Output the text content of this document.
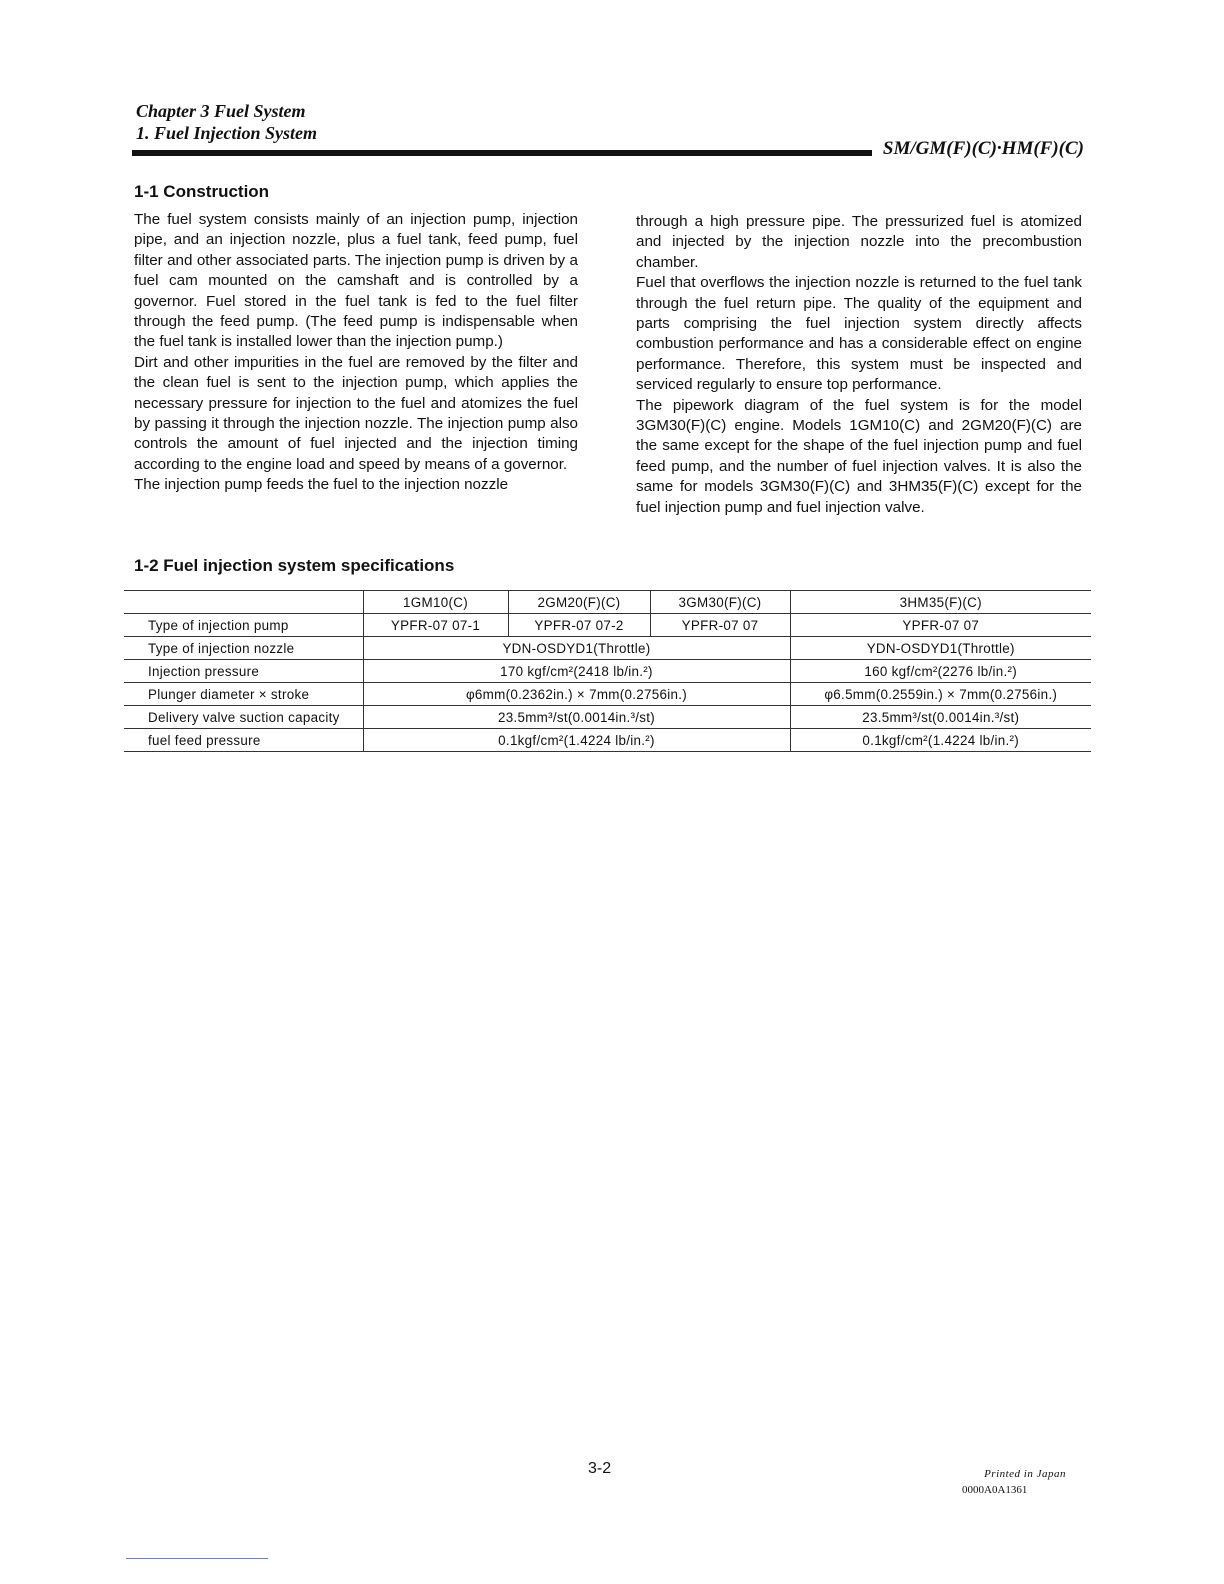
Chapter 3 Fuel System
1. Fuel Injection System
SM/GM(F)(C)·HM(F)(C)
1-1 Construction

The fuel system consists mainly of an injection pump, injection pipe, and an injection nozzle, plus a fuel tank, feed pump, fuel filter and other associated parts. The injection pump is driven by a fuel cam mounted on the camshaft and is controlled by a governor. Fuel stored in the fuel tank is fed to the fuel filter through the feed pump. (The feed pump is indispensable when the fuel tank is installed lower than the injection pump.)

Dirt and other impurities in the fuel are removed by the filter and the clean fuel is sent to the injection pump, which applies the necessary pressure for injection to the fuel and atomizes the fuel by passing it through the injection nozzle. The injection pump also controls the amount of fuel injected and the injection timing according to the engine load and speed by means of a governor.

The injection pump feeds the fuel to the injection nozzle

through a high pressure pipe. The pressurized fuel is atomized and injected by the injection nozzle into the precombustion chamber.

Fuel that overflows the injection nozzle is returned to the fuel tank through the fuel return pipe. The quality of the equipment and parts comprising the fuel injection system directly affects combustion performance and has a considerable effect on engine performance. Therefore, this system must be inspected and serviced regularly to ensure top performance.

The pipework diagram of the fuel system is for the model 3GM30(F)(C) engine. Models 1GM10(C) and 2GM20(F)(C) are the same except for the shape of the fuel injection pump and fuel feed pump, and the number of fuel injection valves. It is also the same for models 3GM30(F)(C) and 3HM35(F)(C) except for the fuel injection pump and fuel injection valve.

1-2 Fuel injection system specifications
	1GM10(C)	2GM20(F)(C)	3GM30(F)(C)	3HM35(F)(C)
Type of injection pump	YPFR-07 07-1	YPFR-07 07-2	YPFR-07 07	YPFR-07 07
Type of injection nozzle	YDN-OSDYD1(Throttle)			YDN-OSDYD1(Throttle)
Injection pressure	170 kgf/cm²(2418 lb/in.²)			160 kgf/cm²(2276 lb/in.²)
Plunger diameter × stroke	φ6mm(0.2362in.) × 7mm(0.2756in.)			φ6.5mm(0.2559in.) × 7mm(0.2756in.)
Delivery valve suction capacity	23.5mm³/st(0.0014in.³/st)			23.5mm³/st(0.0014in.³/st)
fuel feed pressure	0.1kgf/cm²(1.4224 lb/in.²)			0.1kgf/cm²(1.4224 lb/in.²)
3-2	Printed in Japan
0000A0A1361
